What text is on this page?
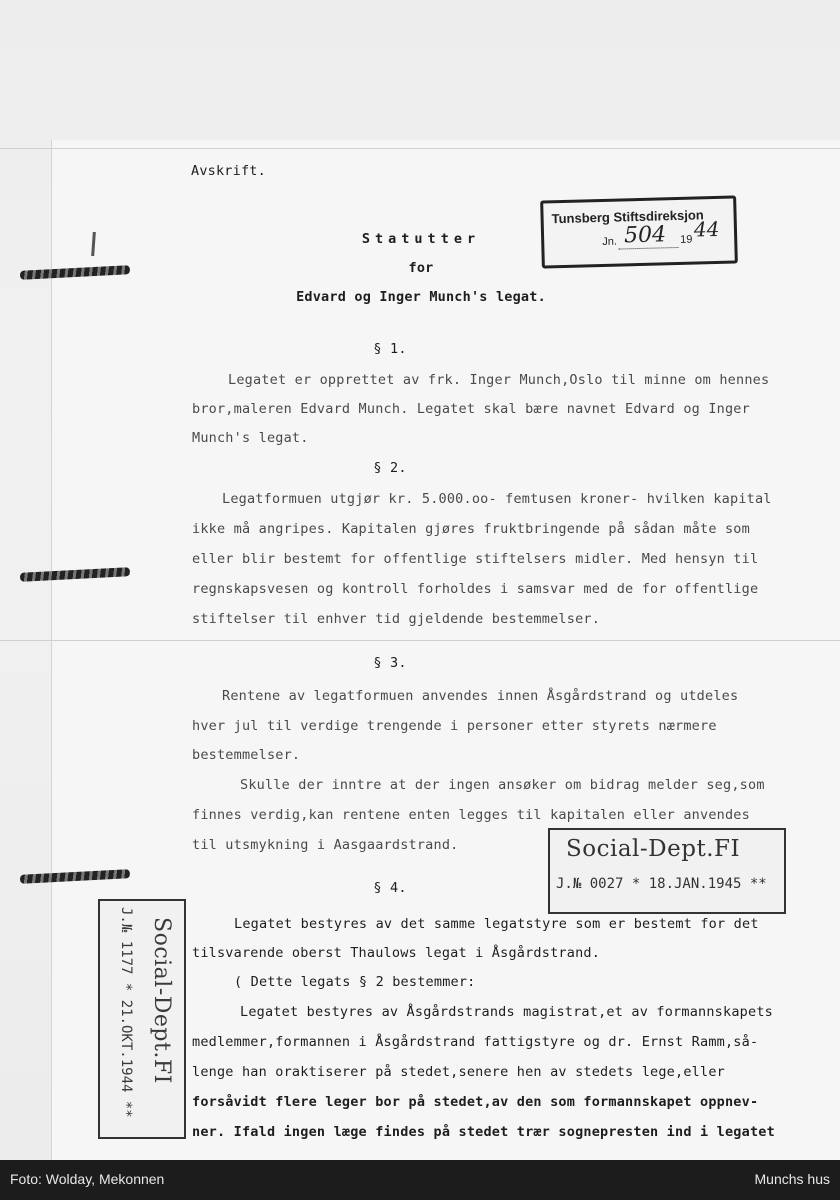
Avskrift.
Statutter
for
Edvard og Inger Munch's legat.
§ 1.
Legatet er opprettet av frk. Inger Munch,Oslo til minne om hennes
bror,maleren Edvard Munch. Legatet skal bære navnet Edvard og Inger
Munch's legat.
§ 2.
Legatformuen utgjør kr. 5.000.oo- femtusen kroner- hvilken kapital
ikke må angripes. Kapitalen gjøres fruktbringende på sådan måte som
eller blir bestemt for offentlige stiftelsers midler. Med hensyn til
regnskapsvesen og kontroll forholdes i samsvar med de for offentlige
stiftelser til enhver tid gjeldende bestemmelser.
§ 3.
Rentene av legatformuen anvendes innen Åsgårdstrand og utdeles
hver jul til verdige trengende i personer etter styrets nærmere
bestemmelser.
Skulle der inntre at der ingen ansøker om bidrag melder seg,som
finnes verdig,kan rentene enten legges til kapitalen eller anvendes
til utsmykning i Aasgaardstrand.
§ 4.
Legatet bestyres av det samme legatstyre som er bestemt for det
tilsvarende oberst Thaulows legat i Åsgårdstrand.
( Dette legats § 2 bestemmer:
Legatet bestyres av Åsgårdstrands magistrat,et av formannskapets
medlemmer,formannen i Åsgårdstrand fattigstyre og dr. Ernst Ramm,så-
lenge han oraktiserer på stedet,senere hen av stedets lege,eller
forsåvidt flere leger bor på stedet,av den som formannskapet oppnev-
ner. Ifald ingen læge findes på stedet trær sognepresten ind i legatet
Tunsberg Stiftsdireksjon
Jn. 504 19 44
Social-Dept.FI
J.№ 0027 * 18.JAN.1945 **
Social-Dept.FI
J.№ 1177 * 21.OKT.1944 **
Foto: Wolday, Mekonnen	Munchs hus
